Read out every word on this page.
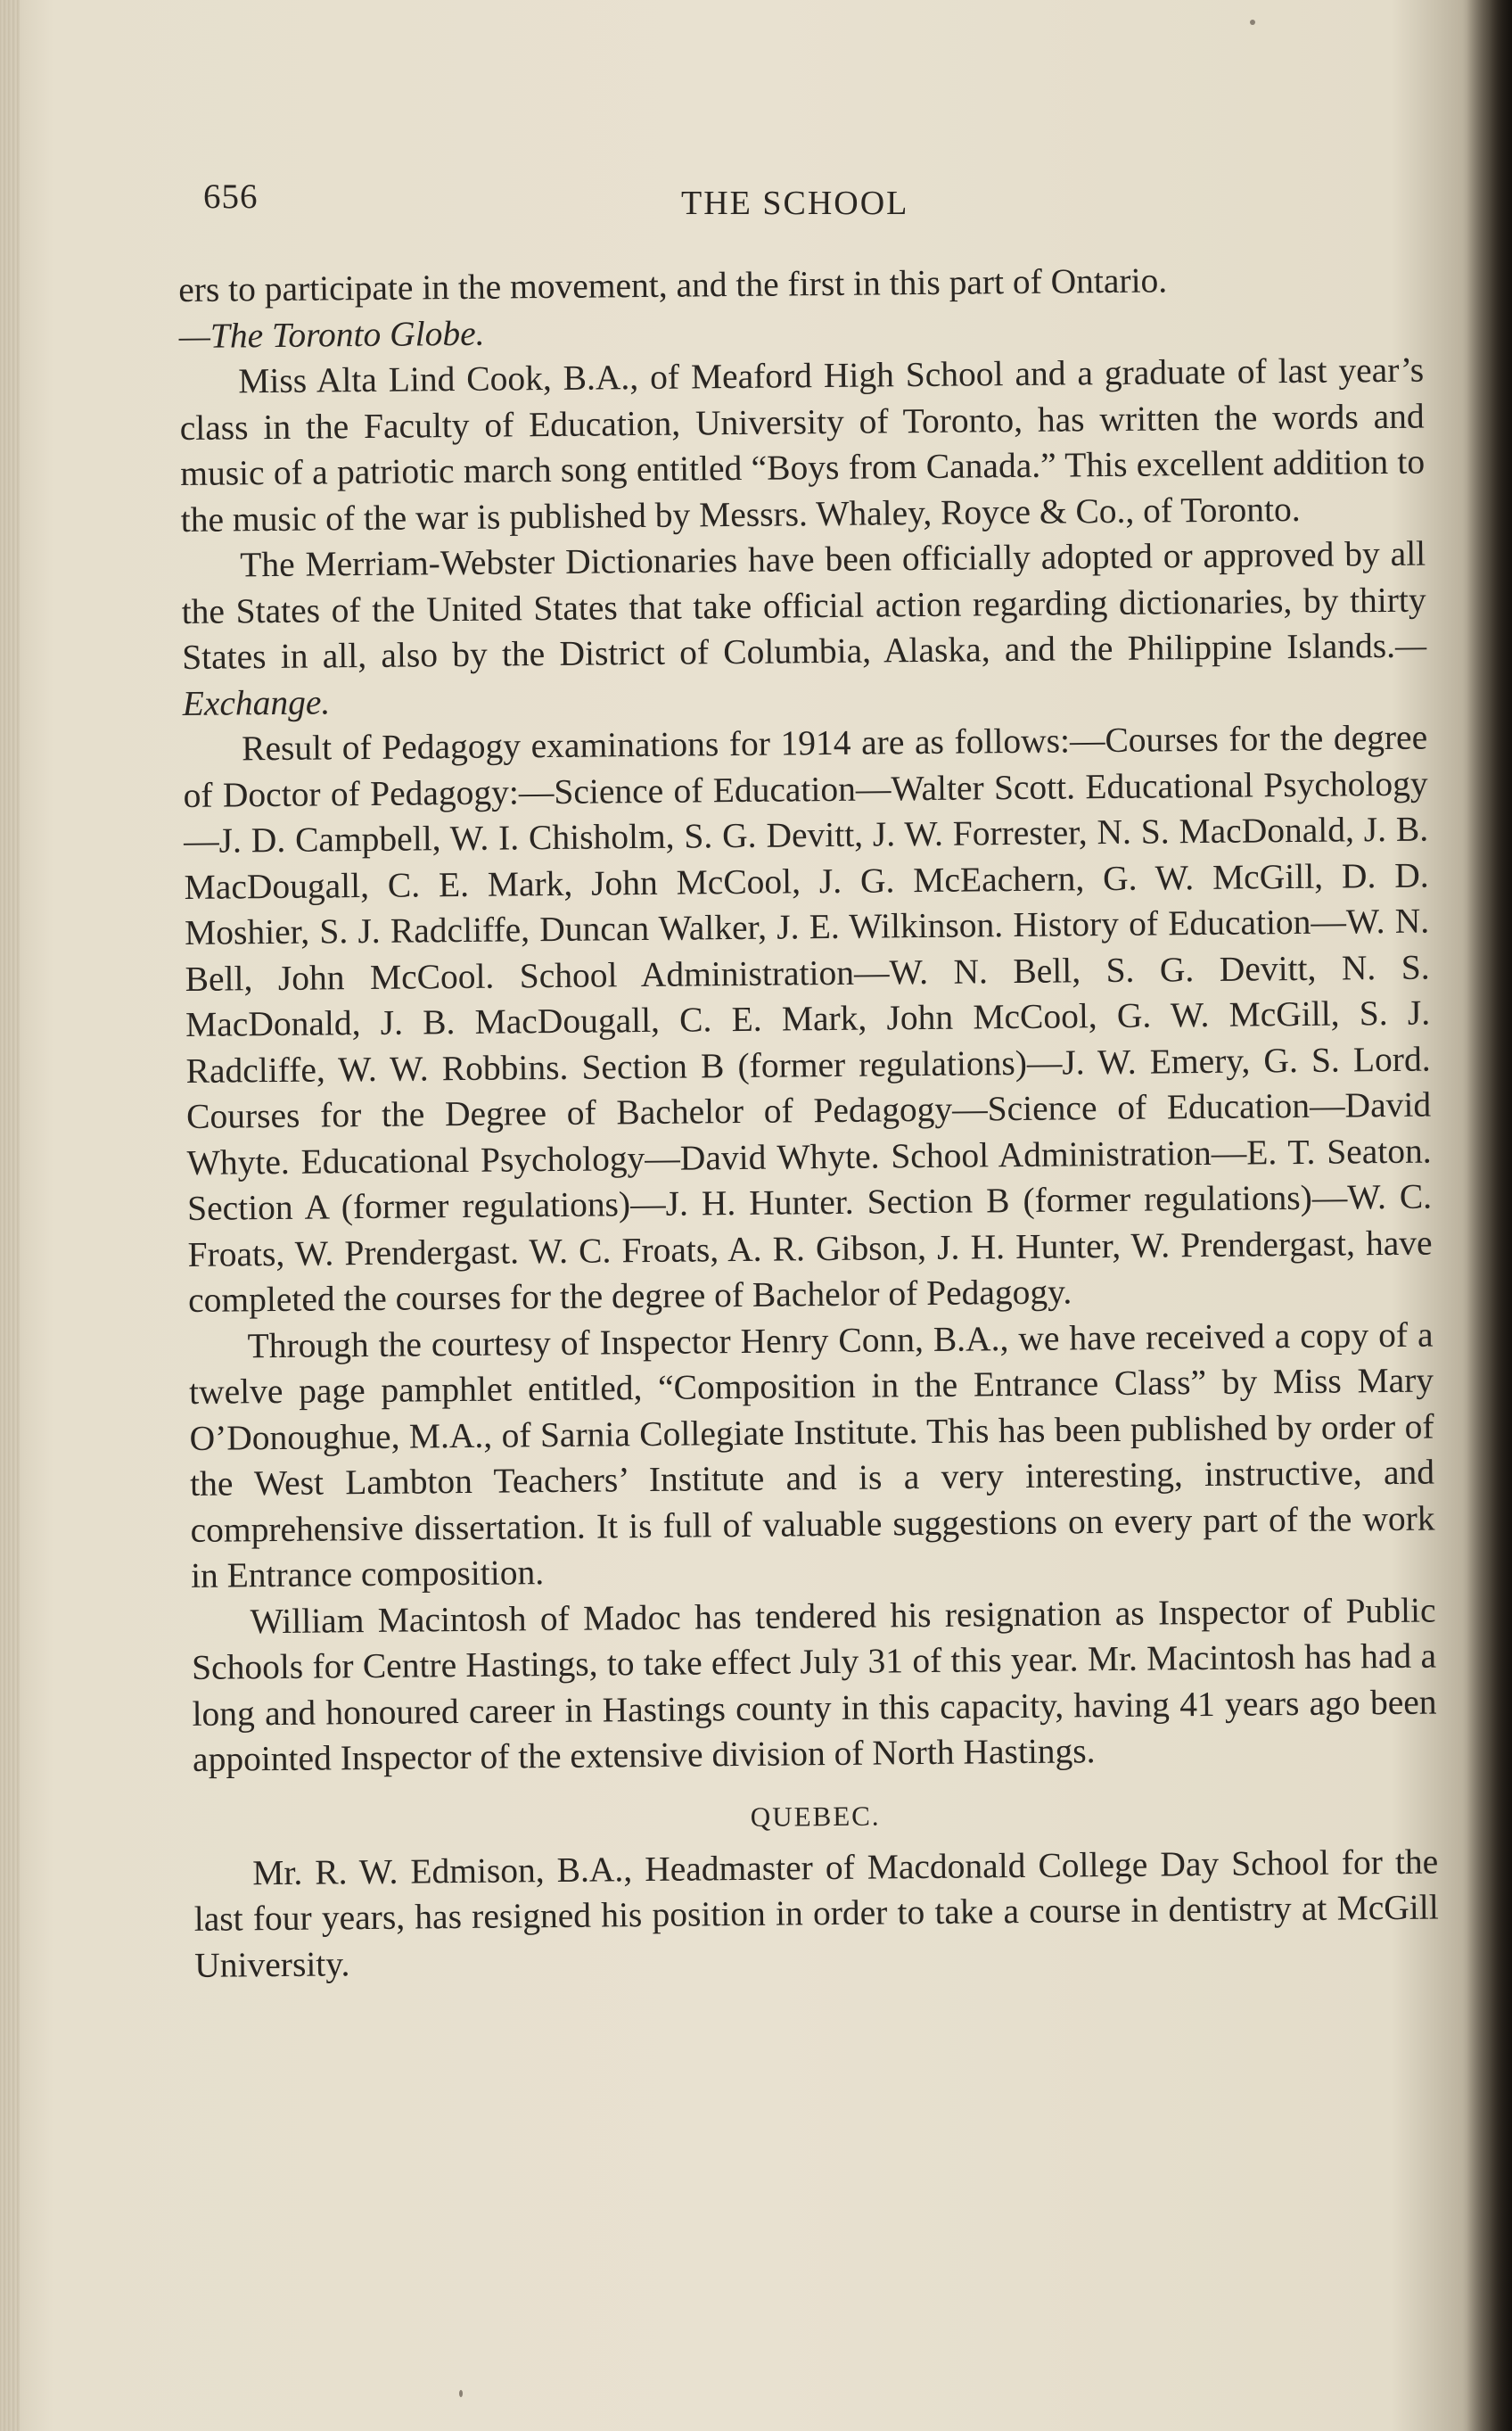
656	THE SCHOOL

ers to participate in the movement, and the first in this part of Ontario.
—The Toronto Globe.

Miss Alta Lind Cook, B.A., of Meaford High School and a graduate of last year’s class in the Faculty of Education, University of Toronto, has written the words and music of a patriotic march song entitled “Boys from Canada.” This excellent addition to the music of the war is published by Messrs. Whaley, Royce & Co., of Toronto.

The Merriam-Webster Dictionaries have been officially adopted or approved by all the States of the United States that take official action regarding dictionaries, by thirty States in all, also by the District of Columbia, Alaska, and the Philippine Islands.—Exchange.

Result of Pedagogy examinations for 1914 are as follows:—Courses for the degree of Doctor of Pedagogy:—Science of Education—Walter Scott. Educational Psychology—J. D. Campbell, W. I. Chisholm, S. G. Devitt, J. W. Forrester, N. S. MacDonald, J. B. MacDougall, C. E. Mark, John McCool, J. G. McEachern, G. W. McGill, D. D. Moshier, S. J. Radcliffe, Duncan Walker, J. E. Wilkinson. History of Education—W. N. Bell, John McCool. School Administration—W. N. Bell, S. G. Devitt, N. S. MacDonald, J. B. MacDougall, C. E. Mark, John McCool, G. W. McGill, S. J. Radcliffe, W. W. Robbins. Section B (former regulations)—J. W. Emery, G. S. Lord. Courses for the Degree of Bachelor of Pedagogy—Science of Education—David Whyte. Educational Psychology—David Whyte. School Administration—E. T. Seaton. Section A (former regulations)—J. H. Hunter. Section B (former regulations)—W. C. Froats, W. Prendergast. W. C. Froats, A. R. Gibson, J. H. Hunter, W. Prendergast, have completed the courses for the degree of Bachelor of Pedagogy.

Through the courtesy of Inspector Henry Conn, B.A., we have received a copy of a twelve page pamphlet entitled, “Composition in the Entrance Class” by Miss Mary O’Donoughue, M.A., of Sarnia Collegiate Institute. This has been published by order of the West Lambton Teachers’ Institute and is a very interesting, instructive, and comprehensive dissertation. It is full of valuable suggestions on every part of the work in Entrance composition.

William Macintosh of Madoc has tendered his resignation as Inspector of Public Schools for Centre Hastings, to take effect July 31 of this year. Mr. Macintosh has had a long and honoured career in Hastings county in this capacity, having 41 years ago been appointed Inspector of the extensive division of North Hastings.

QUEBEC.

Mr. R. W. Edmison, B.A., Headmaster of Macdonald College Day School for the last four years, has resigned his position in order to take a course in dentistry at McGill University.
